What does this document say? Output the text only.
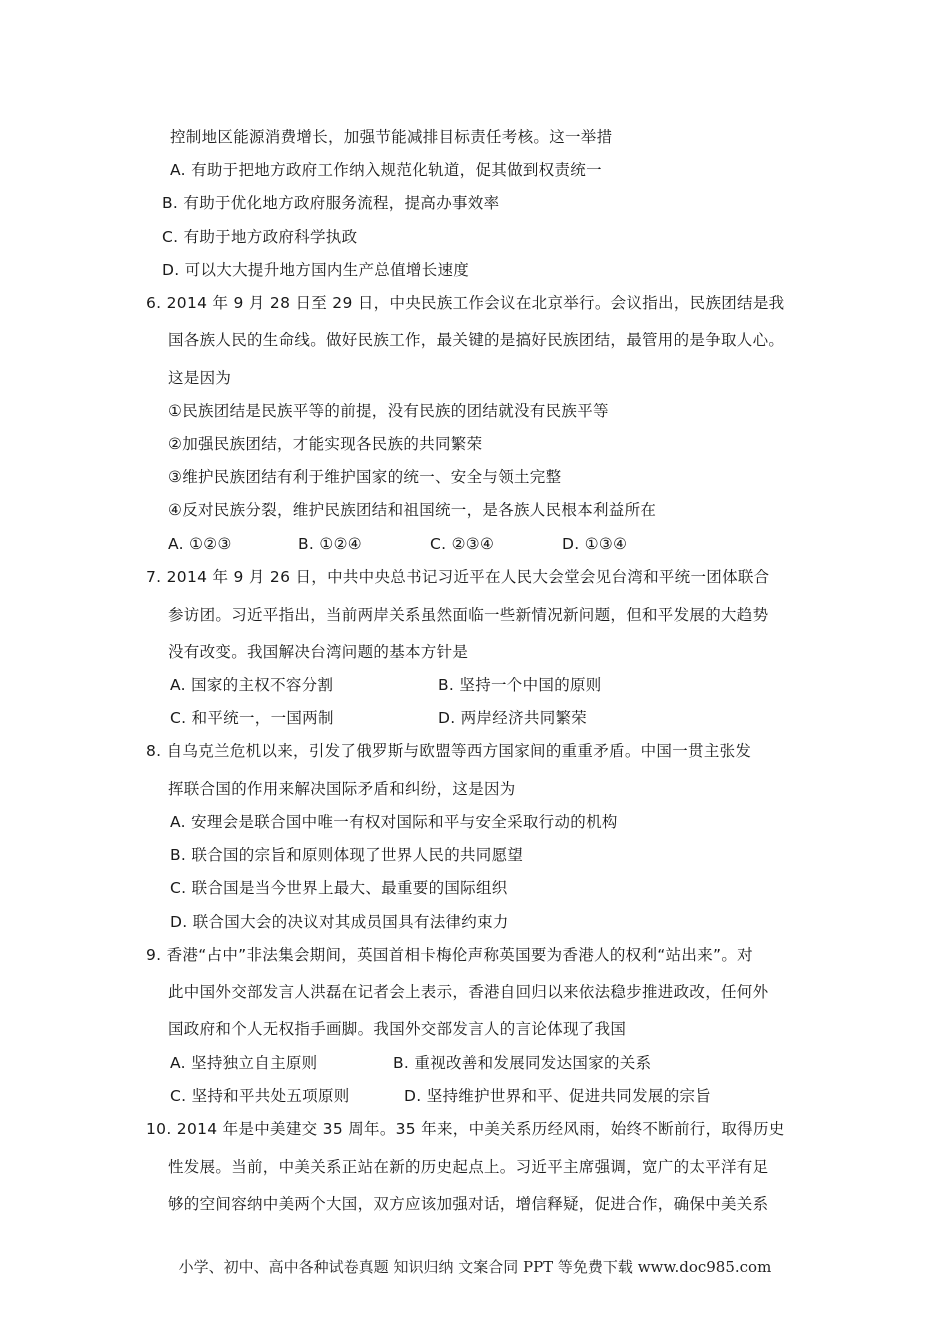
控制地区能源消费增长，加强节能减排目标责任考核。这一举措
A. 有助于把地方政府工作纳入规范化轨道，促其做到权责统一
B. 有助于优化地方政府服务流程，提高办事效率
C. 有助于地方政府科学执政
D. 可以大大提升地方国内生产总值增长速度
6. 2014 年 9 月 28 日至 29 日，中央民族工作会议在北京举行。会议指出，民族团结是我
国各族人民的生命线。做好民族工作，最关键的是搞好民族团结，最管用的是争取人心。
这是因为
①民族团结是民族平等的前提，没有民族的团结就没有民族平等
②加强民族团结，才能实现各民族的共同繁荣
③维护民族团结有利于维护国家的统一、安全与领土完整
④反对民族分裂，维护民族团结和祖国统一，是各族人民根本利益所在
A. ①②③	B. ①②④	C. ②③④	D. ①③④
7. 2014 年 9 月 26 日，中共中央总书记习近平在人民大会堂会见台湾和平统一团体联合
参访团。习近平指出，当前两岸关系虽然面临一些新情况新问题，但和平发展的大趋势
没有改变。我国解决台湾问题的基本方针是
A. 国家的主权不容分割	B. 坚持一个中国的原则
C. 和平统一，一国两制	D. 两岸经济共同繁荣
8. 自乌克兰危机以来，引发了俄罗斯与欧盟等西方国家间的重重矛盾。中国一贯主张发
挥联合国的作用来解决国际矛盾和纠纷，这是因为
A. 安理会是联合国中唯一有权对国际和平与安全采取行动的机构
B. 联合国的宗旨和原则体现了世界人民的共同愿望
C. 联合国是当今世界上最大、最重要的国际组织
D. 联合国大会的决议对其成员国具有法律约束力
9. 香港“占中”非法集会期间，英国首相卡梅伦声称英国要为香港人的权利“站出来”。对
此中国外交部发言人洪磊在记者会上表示，香港自回归以来依法稳步推进政改，任何外
国政府和个人无权指手画脚。我国外交部发言人的言论体现了我国
A. 坚持独立自主原则	B. 重视改善和发展同发达国家的关系
C. 坚持和平共处五项原则	D. 坚持维护世界和平、促进共同发展的宗旨
10. 2014 年是中美建交 35 周年。35 年来，中美关系历经风雨，始终不断前行，取得历史
性发展。当前，中美关系正站在新的历史起点上。习近平主席强调，宽广的太平洋有足
够的空间容纳中美两个大国，双方应该加强对话，增信释疑，促进合作，确保中美关系
小学、初中、高中各种试卷真题 知识归纳 文案合同 PPT 等免费下载 www.doc985.com
